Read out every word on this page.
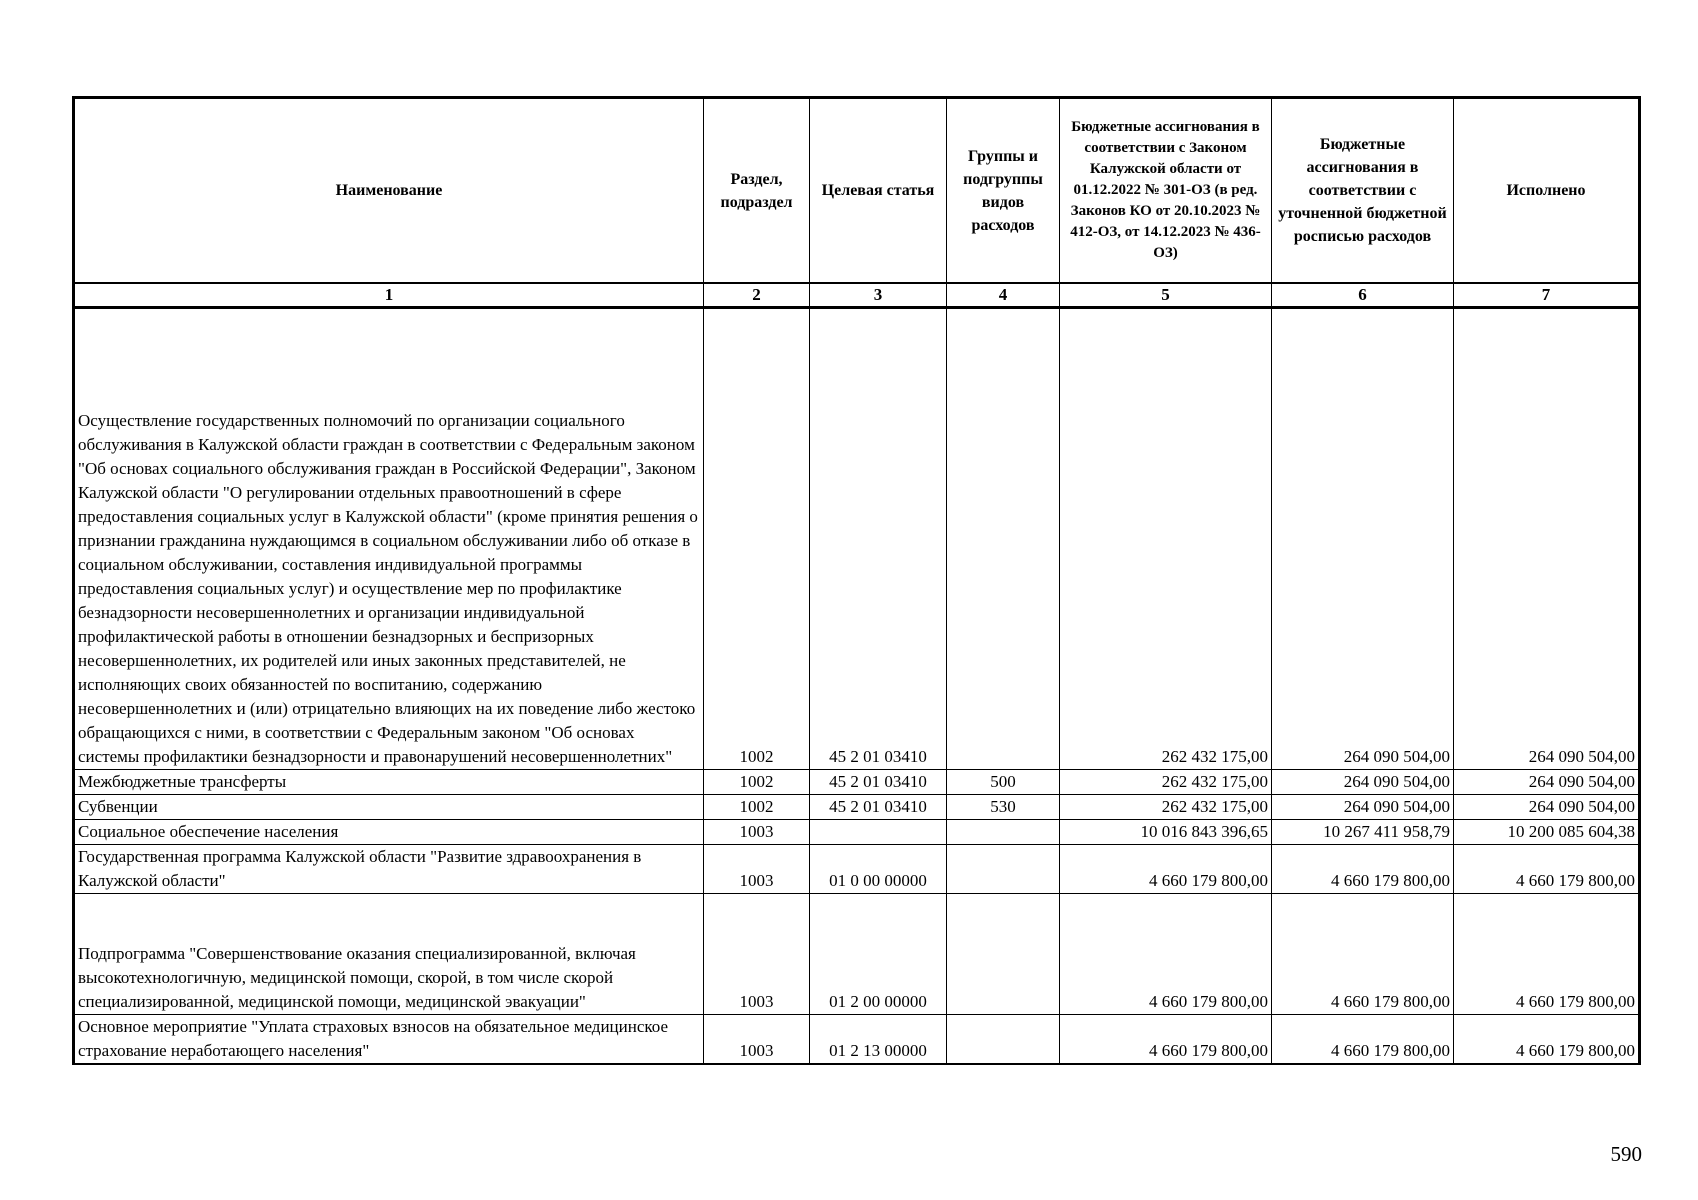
Наименование	Раздел, подраздел	Целевая статья	Группы и подгруппы видов расходов	Бюджетные ассигнования в соответствии с Законом Калужской области от 01.12.2022 № 301-ОЗ (в ред. Законов КО от 20.10.2023 № 412-ОЗ, от 14.12.2023 № 436-ОЗ)	Бюджетные ассигнования в соответствии с уточненной бюджетной росписью расходов	Исполнено
1	2	3	4	5	6	7
Осуществление государственных полномочий по организации социального обслуживания в Калужской области граждан в соответствии с Федеральным законом "Об основах социального обслуживания граждан в Российской Федерации", Законом Калужской области "О регулировании отдельных правоотношений в сфере предоставления социальных услуг в Калужской области" (кроме принятия решения о признании гражданина нуждающимся в социальном обслуживании либо об отказе в социальном обслуживании, составления индивидуальной программы предоставления социальных услуг) и осуществление мер по профилактике безнадзорности несовершеннолетних и организации индивидуальной профилактической работы в отношении безнадзорных и беспризорных несовершеннолетних, их родителей или иных законных представителей, не исполняющих своих обязанностей по воспитанию, содержанию несовершеннолетних и (или) отрицательно влияющих на их поведение либо жестоко обращающихся с ними, в соответствии с Федеральным законом "Об основах системы профилактики безнадзорности и правонарушений несовершеннолетних"	1002	45 2 01 03410		262 432 175,00	264 090 504,00	264 090 504,00
Межбюджетные трансферты	1002	45 2 01 03410	500	262 432 175,00	264 090 504,00	264 090 504,00
Субвенции	1002	45 2 01 03410	530	262 432 175,00	264 090 504,00	264 090 504,00
Социальное обеспечение населения	1003			10 016 843 396,65	10 267 411 958,79	10 200 085 604,38
Государственная программа Калужской области "Развитие здравоохранения в Калужской области"	1003	01 0 00 00000		4 660 179 800,00	4 660 179 800,00	4 660 179 800,00
Подпрограмма "Совершенствование оказания специализированной, включая высокотехнологичную, медицинской помощи, скорой, в том числе скорой специализированной, медицинской помощи, медицинской эвакуации"	1003	01 2 00 00000		4 660 179 800,00	4 660 179 800,00	4 660 179 800,00
Основное мероприятие "Уплата страховых взносов на обязательное медицинское страхование неработающего населения"	1003	01 2 13 00000		4 660 179 800,00	4 660 179 800,00	4 660 179 800,00
590
